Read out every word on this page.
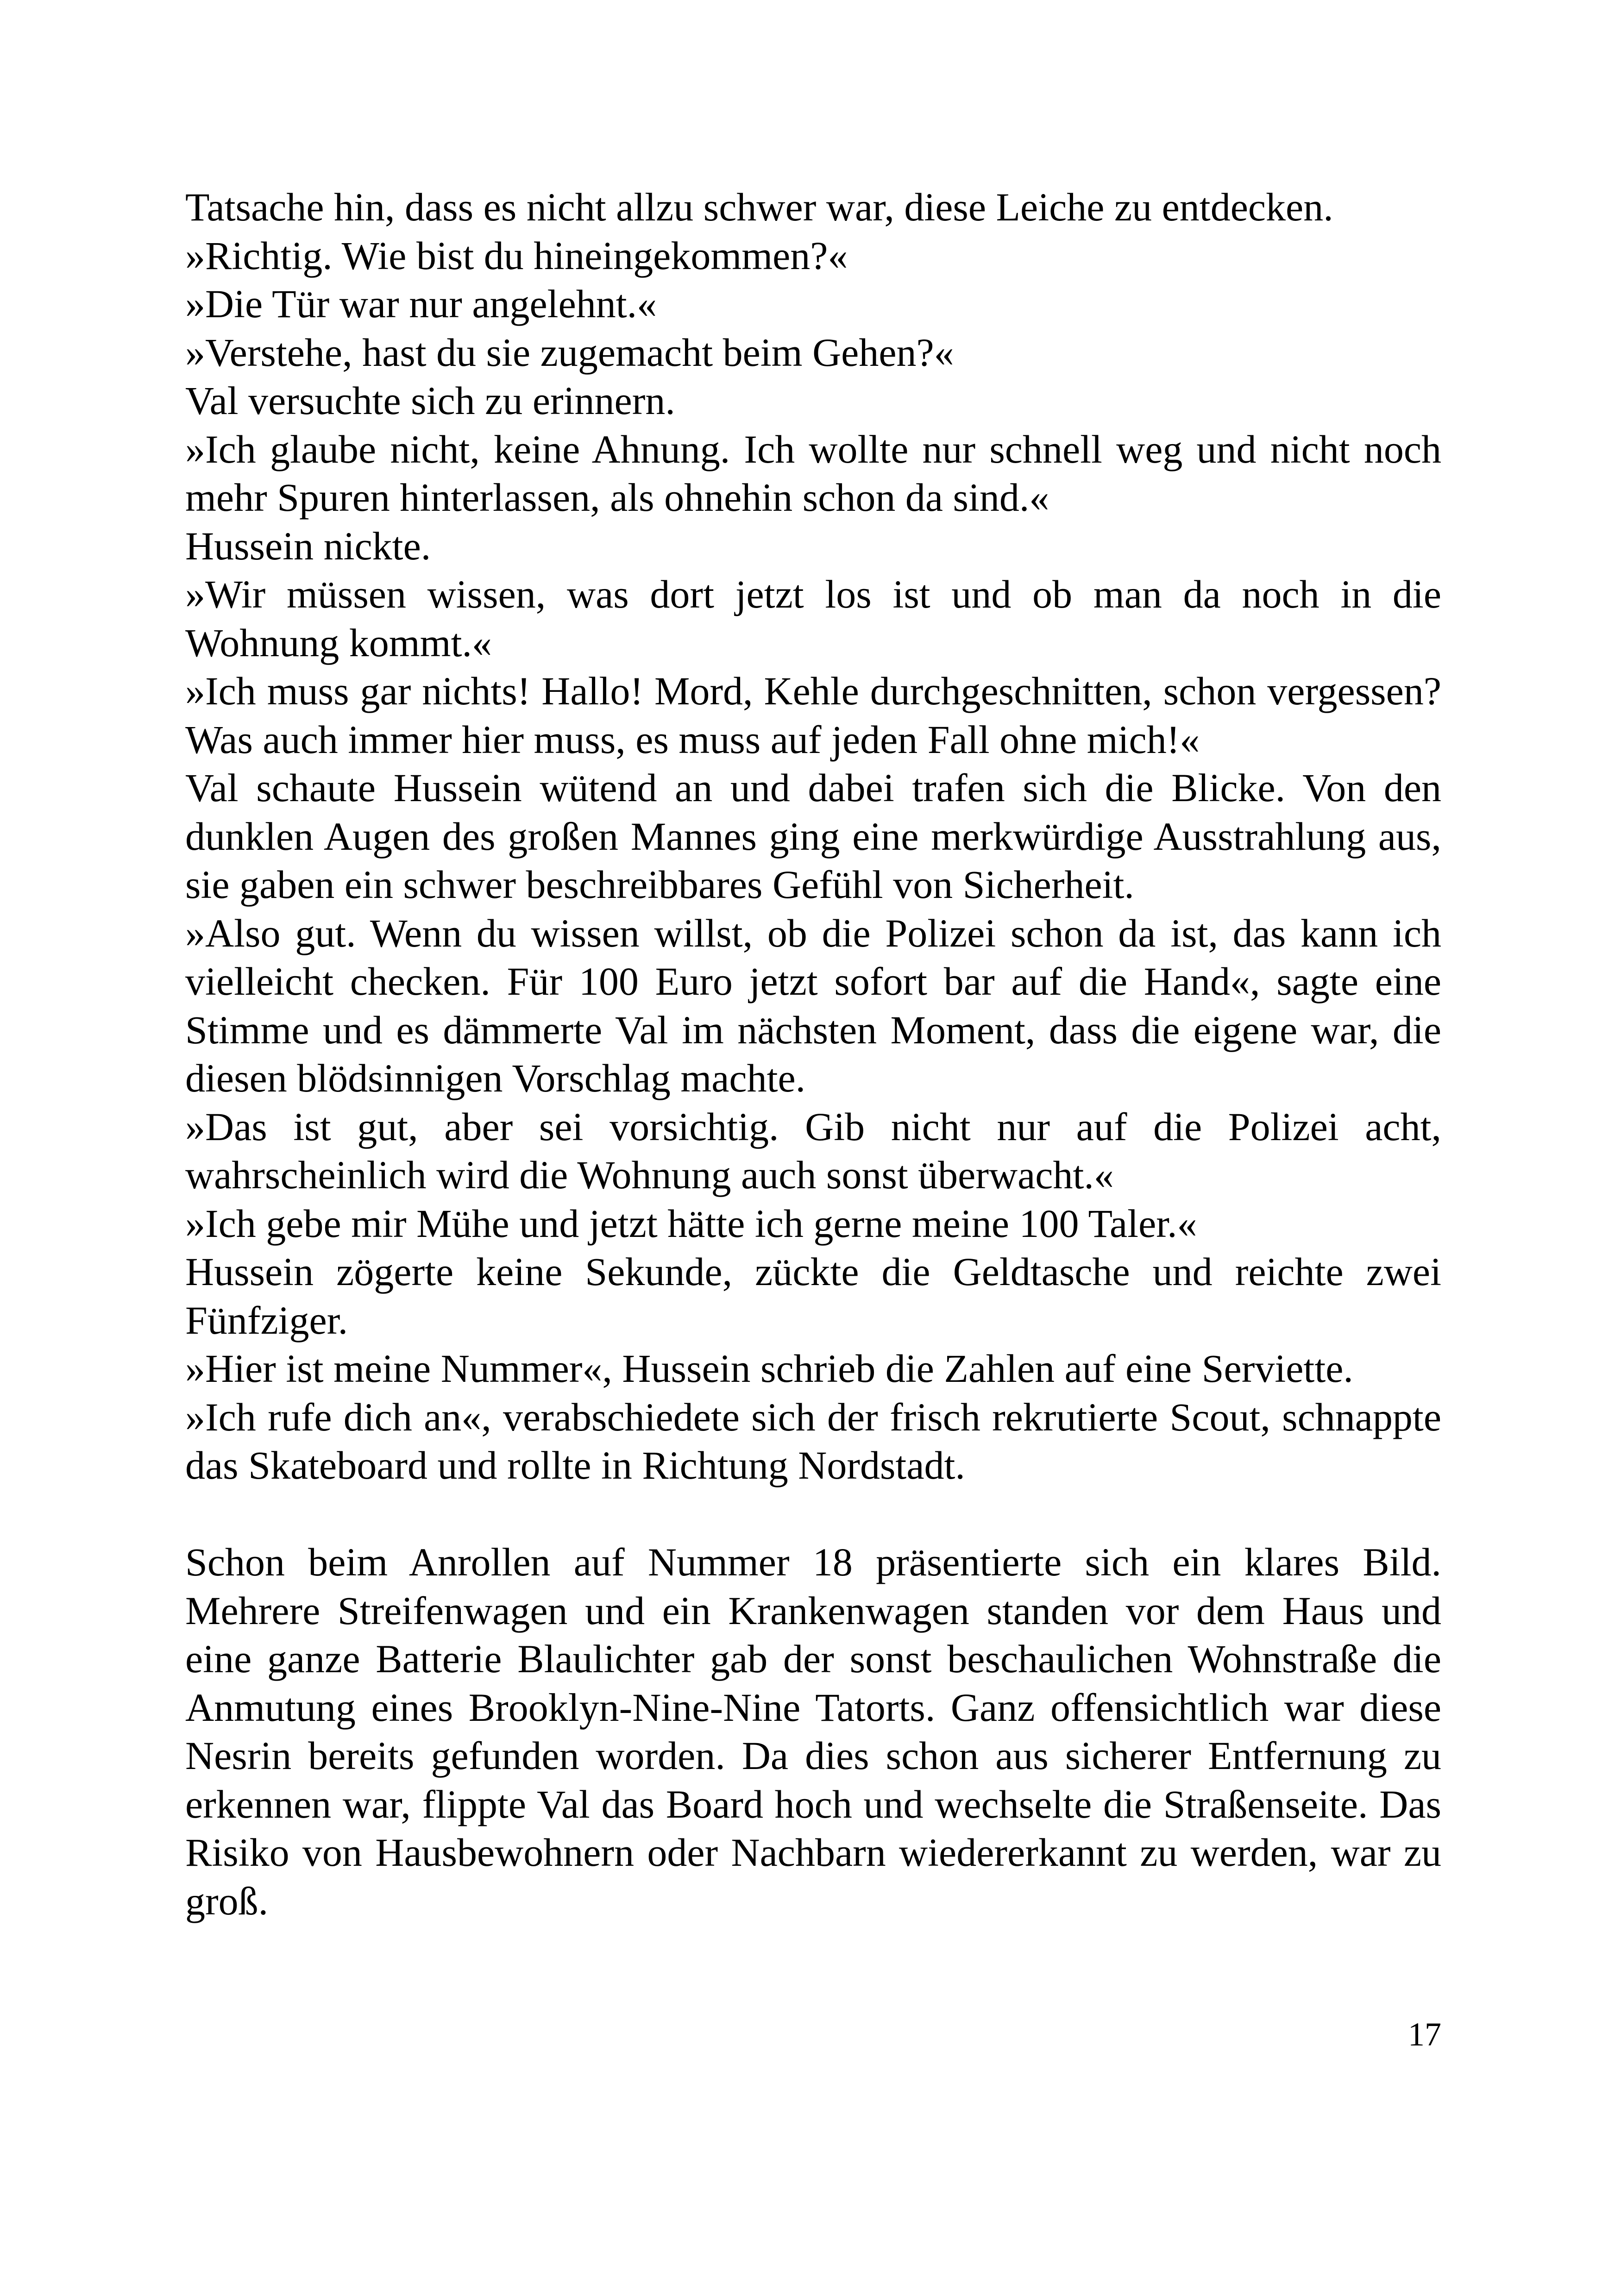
Tatsache hin, dass es nicht allzu schwer war, diese Leiche zu entdecken.

»Richtig. Wie bist du hineingekommen?«

»Die Tür war nur angelehnt.«

»Verstehe, hast du sie zugemacht beim Gehen?«

Val versuchte sich zu erinnern.

»Ich glaube nicht, keine Ahnung. Ich wollte nur schnell weg und nicht noch mehr Spuren hinterlassen, als ohnehin schon da sind.«

Hussein nickte.

»Wir müssen wissen, was dort jetzt los ist und ob man da noch in die Wohnung kommt.«

»Ich muss gar nichts! Hallo! Mord, Kehle durchgeschnitten, schon vergessen? Was auch immer hier muss, es muss auf jeden Fall ohne mich!«

Val schaute Hussein wütend an und dabei trafen sich die Blicke. Von den dunklen Augen des großen Mannes ging eine merkwürdige Ausstrahlung aus, sie gaben ein schwer beschreibbares Gefühl von Sicherheit.

»Also gut. Wenn du wissen willst, ob die Polizei schon da ist, das kann ich vielleicht checken. Für 100 Euro jetzt sofort bar auf die Hand«, sagte eine Stimme und es dämmerte Val im nächsten Moment, dass die eigene war, die diesen blödsinnigen Vorschlag machte.

»Das ist gut, aber sei vorsichtig. Gib nicht nur auf die Polizei acht, wahrscheinlich wird die Wohnung auch sonst überwacht.«

»Ich gebe mir Mühe und jetzt hätte ich gerne meine 100 Taler.«

Hussein zögerte keine Sekunde, zückte die Geldtasche und reichte zwei Fünfziger.

»Hier ist meine Nummer«, Hussein schrieb die Zahlen auf eine Serviette.

»Ich rufe dich an«, verabschiedete sich der frisch rekrutierte Scout, schnappte das Skateboard und rollte in Richtung Nordstadt.

Schon beim Anrollen auf Nummer 18 präsentierte sich ein klares Bild. Mehrere Streifenwagen und ein Krankenwagen standen vor dem Haus und eine ganze Batterie Blaulichter gab der sonst beschaulichen Wohnstraße die Anmutung eines Brooklyn-Nine-Nine Tatorts. Ganz offensichtlich war diese Nesrin bereits gefunden worden. Da dies schon aus sicherer Entfernung zu erkennen war, flippte Val das Board hoch und wechselte die Straßenseite. Das Risiko von Hausbewohnern oder Nachbarn wiedererkannt zu werden, war zu groß.

17
